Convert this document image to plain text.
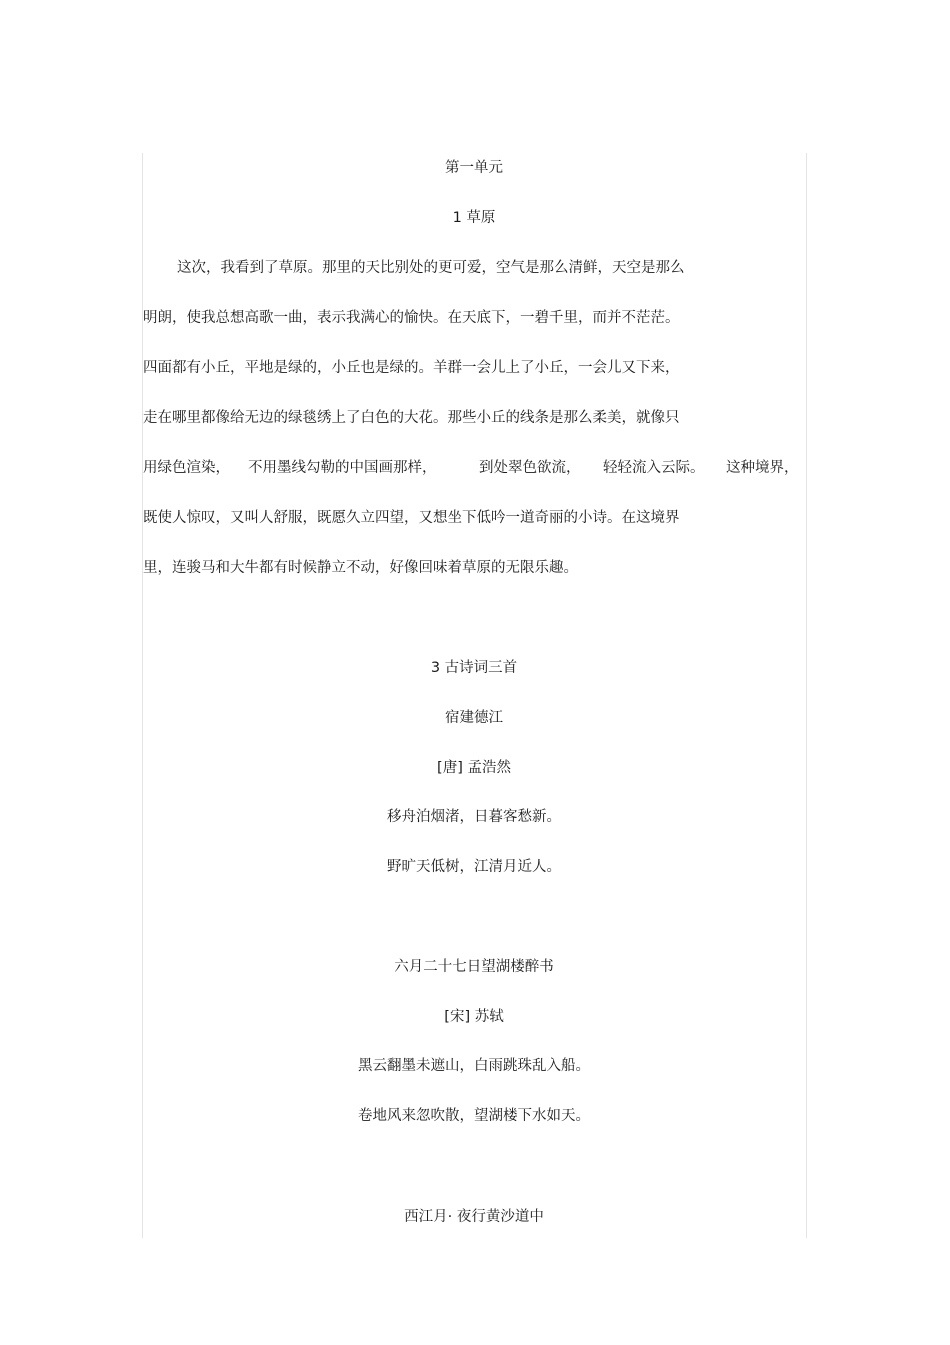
第一单元
1 草原
这次，我看到了草原。那里的天比别处的更可爱，空气是那么清鲜，天空是那么
明朗，使我总想高歌一曲，表示我满心的愉快。在天底下，一碧千里，而并不茫茫。
四面都有小丘，平地是绿的，小丘也是绿的。羊群一会儿上了小丘，一会儿又下来，
走在哪里都像给无边的绿毯绣上了白色的大花。那些小丘的线条是那么柔美，就像只
用绿色渲染， 不用墨线勾勒的中国画那样，	到处翠色欲流， 轻轻流入云际。 这种境界，
既使人惊叹，又叫人舒服，既愿久立四望，又想坐下低吟一道奇丽的小诗。在这境界
里，连骏马和大牛都有时候静立不动，好像回味着草原的无限乐趣。
3 古诗词三首
宿建德江
[唐] 孟浩然
移舟泊烟渚，日暮客愁新。
野旷天低树，江清月近人。
六月二十七日望湖楼醉书
[宋] 苏轼
黑云翻墨未遮山，白雨跳珠乱入船。
卷地风来忽吹散，望湖楼下水如天。
西江月· 夜行黄沙道中
